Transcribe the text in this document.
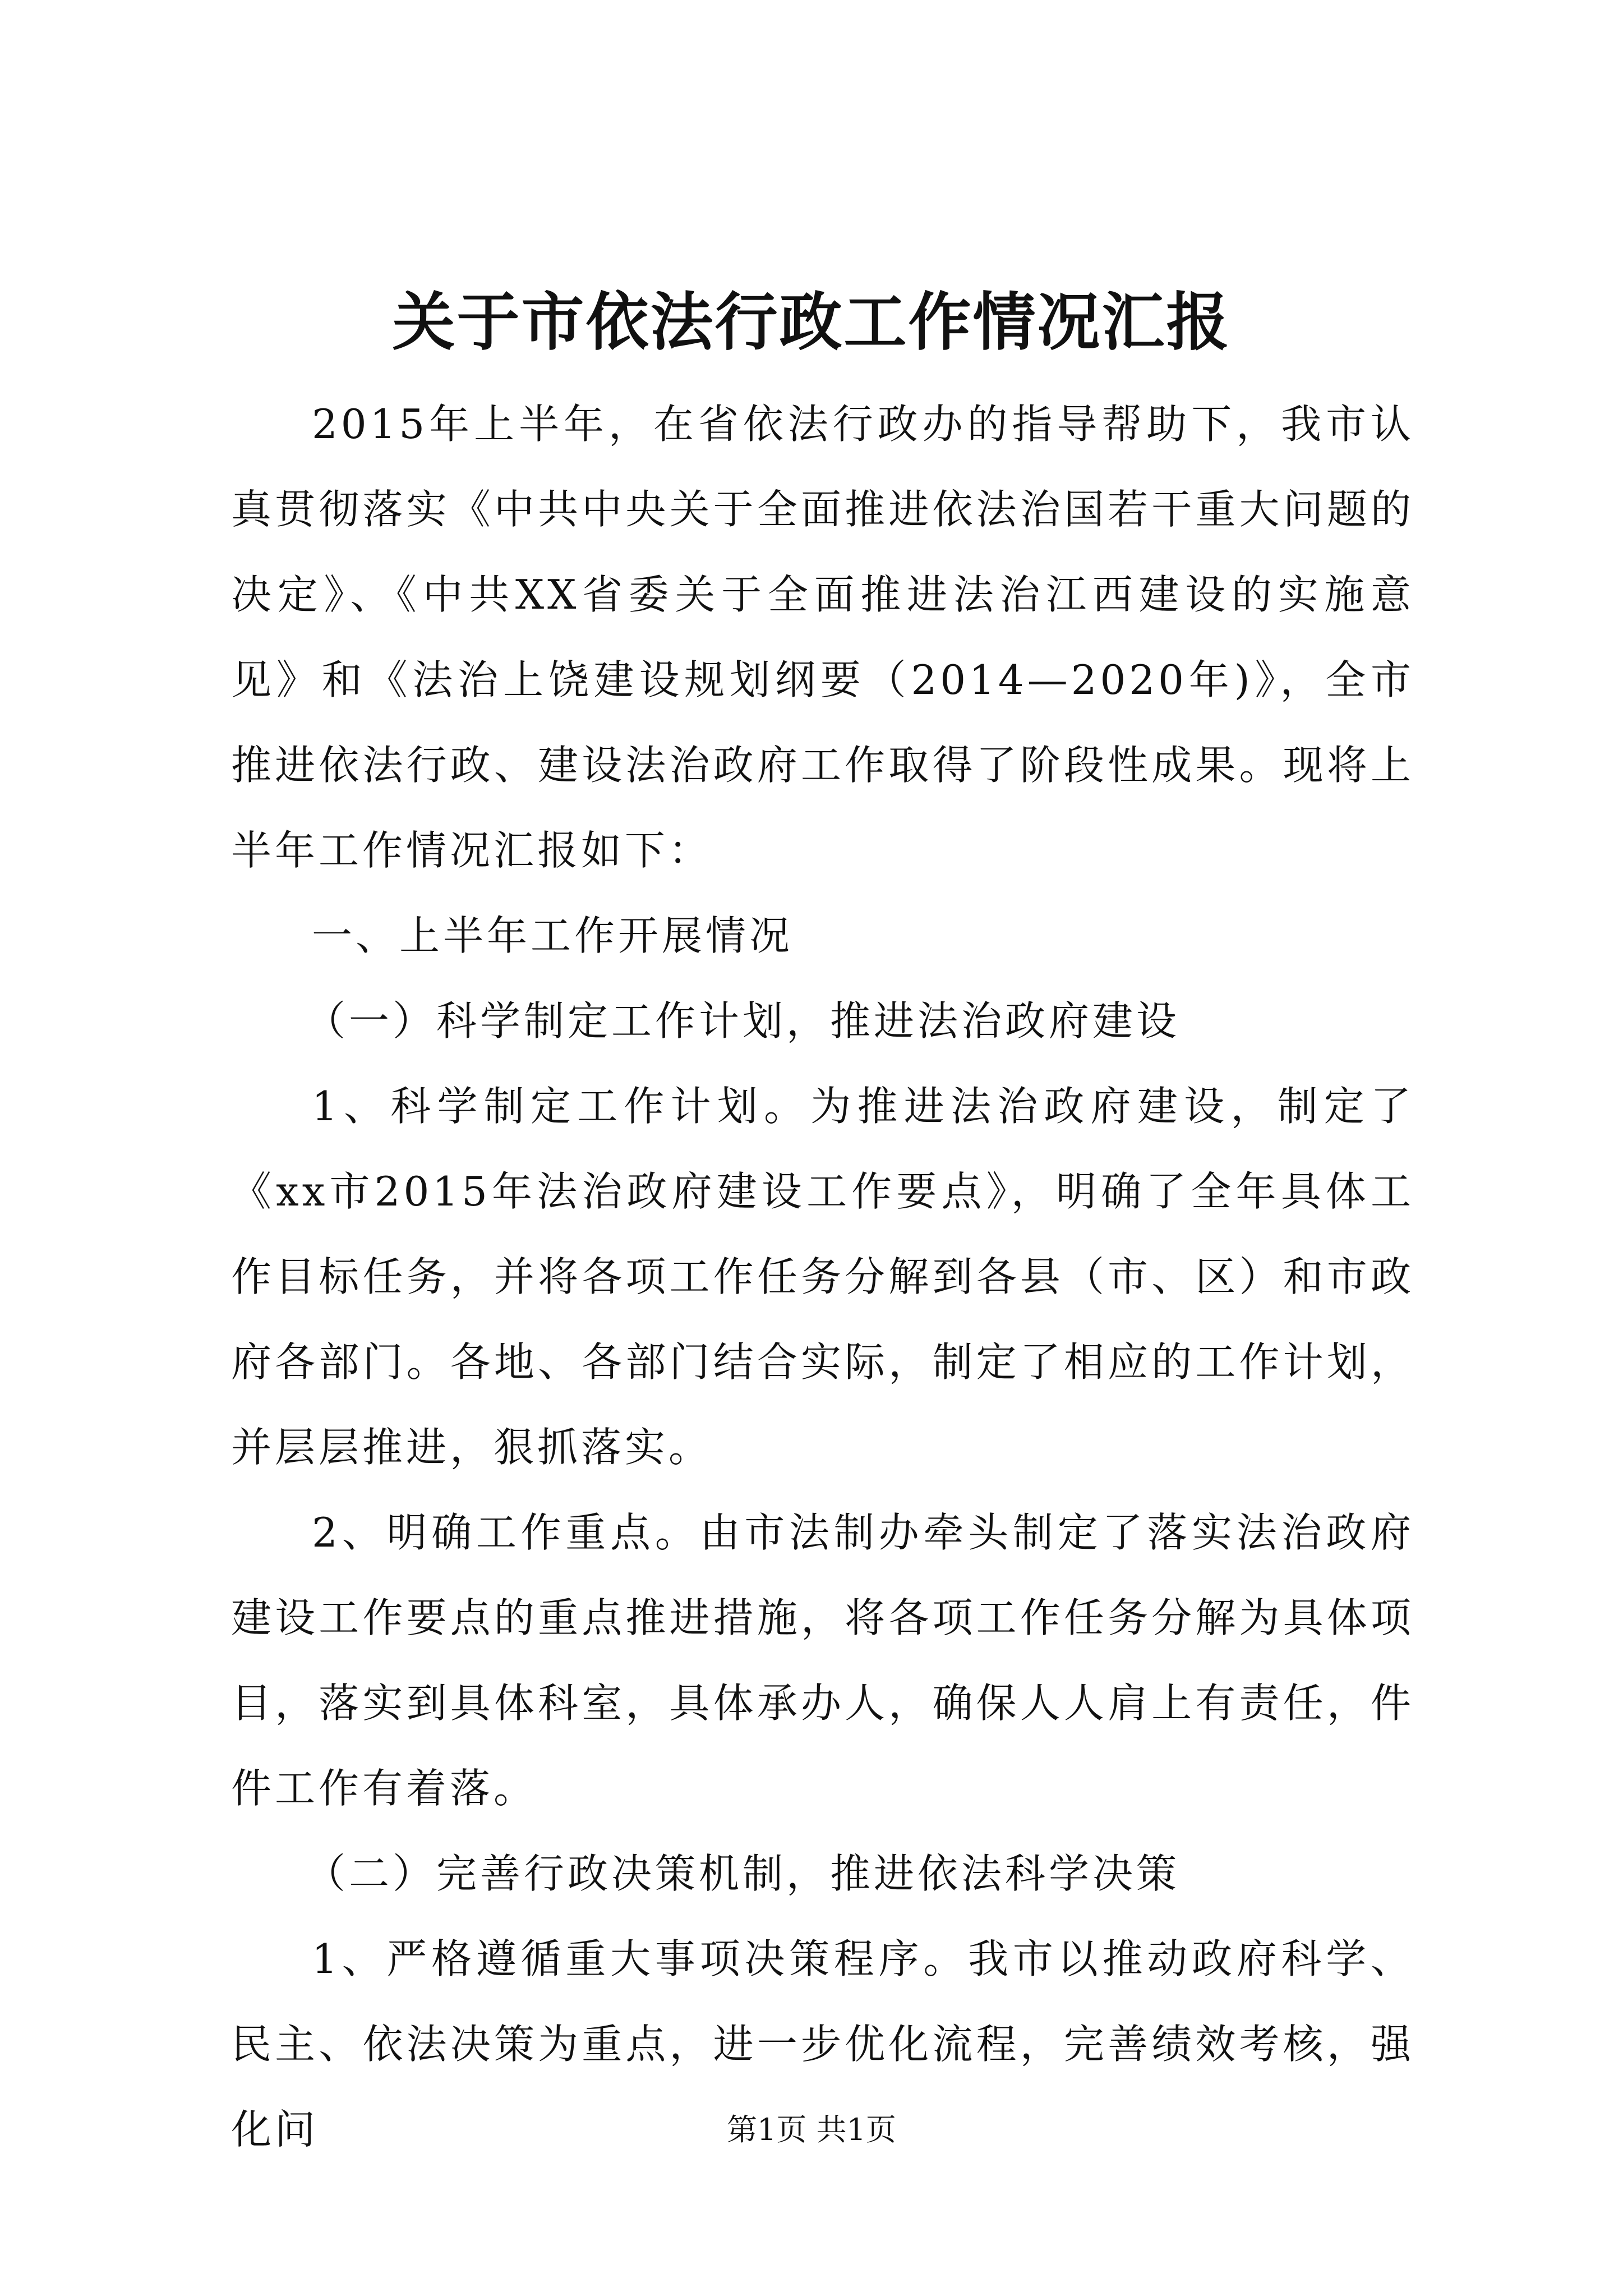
关于市依法行政工作情况汇报

2015年上半年，在省依法行政办的指导帮助下，我市认真贯彻落实《中共中央关于全面推进依法治国若干重大问题的决定》、《中共XX省委关于全面推进法治江西建设的实施意见》和《法治上饶建设规划纲要（2014—2020年)》，全市推进依法行政、建设法治政府工作取得了阶段性成果。现将上半年工作情况汇报如下：

一、上半年工作开展情况

（一）科学制定工作计划，推进法治政府建设

1、科学制定工作计划。为推进法治政府建设，制定了《xx市2015年法治政府建设工作要点》，明确了全年具体工作目标任务，并将各项工作任务分解到各县（市、区）和市政府各部门。各地、各部门结合实际，制定了相应的工作计划，并层层推进，狠抓落实。

2、明确工作重点。由市法制办牵头制定了落实法治政府建设工作要点的重点推进措施，将各项工作任务分解为具体项目，落实到具体科室，具体承办人，确保人人肩上有责任，件件工作有着落。

（二）完善行政决策机制，推进依法科学决策

1、严格遵循重大事项决策程序。我市以推动政府科学、民主、依法决策为重点，进一步优化流程，完善绩效考核，强化问	第1页 共1页
